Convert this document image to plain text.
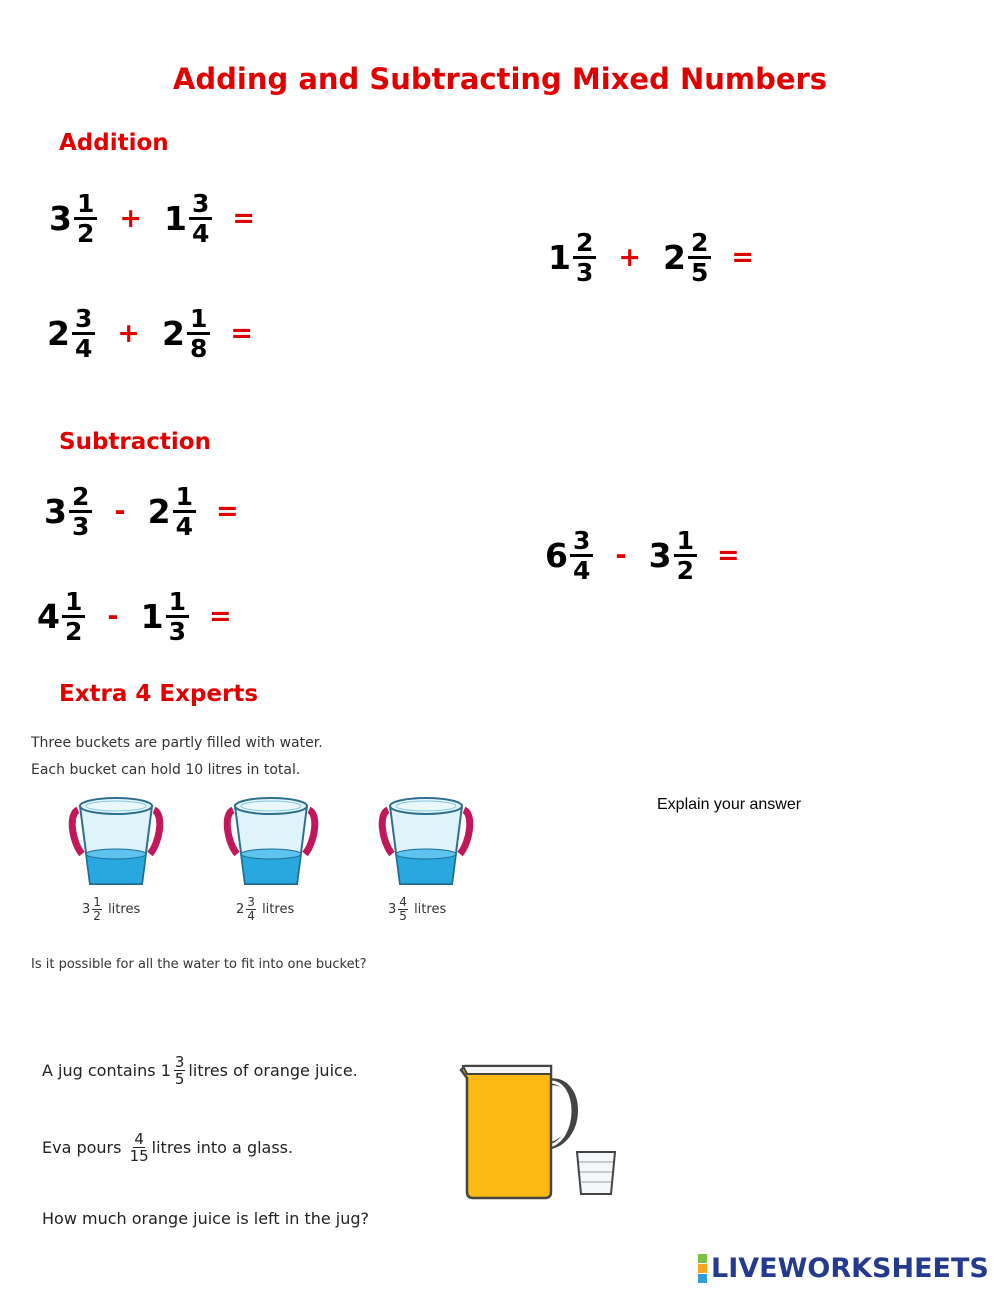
Adding and Subtracting Mixed Numbers
Addition
$3 \frac{1}{2} + 1 \frac{3}{4}$ =
$2 \frac{3}{4} + 2 \frac{1}{8}$ =
$1 \frac{2}{3} + 2 \frac{2}{5}$ =
Subtraction
$3 \frac{2}{3} - 2 \frac{1}{4}$ =
$4 \frac{1}{2} - 1 \frac{1}{3}$ =
$6 \frac{3}{4} - 3 \frac{1}{2}$ =
Extra 4 Experts
Three buckets are partly filled with water.
Each bucket can hold 10 litres in total.
$3 \frac{1}{2}$
litres	$2 \frac{3}{4}$
litres	$3 \frac{4}{5}$
litres
Is it possible for all the water to fit into one bucket?
Explain your answer
A jug contains
$1 \frac{3}{5}$ litres of orange juice.
Eva pours
$\frac{4}{15}$ litres into a glass.
How much orange juice is left in the jug?
LIVEWORKSHEETS
